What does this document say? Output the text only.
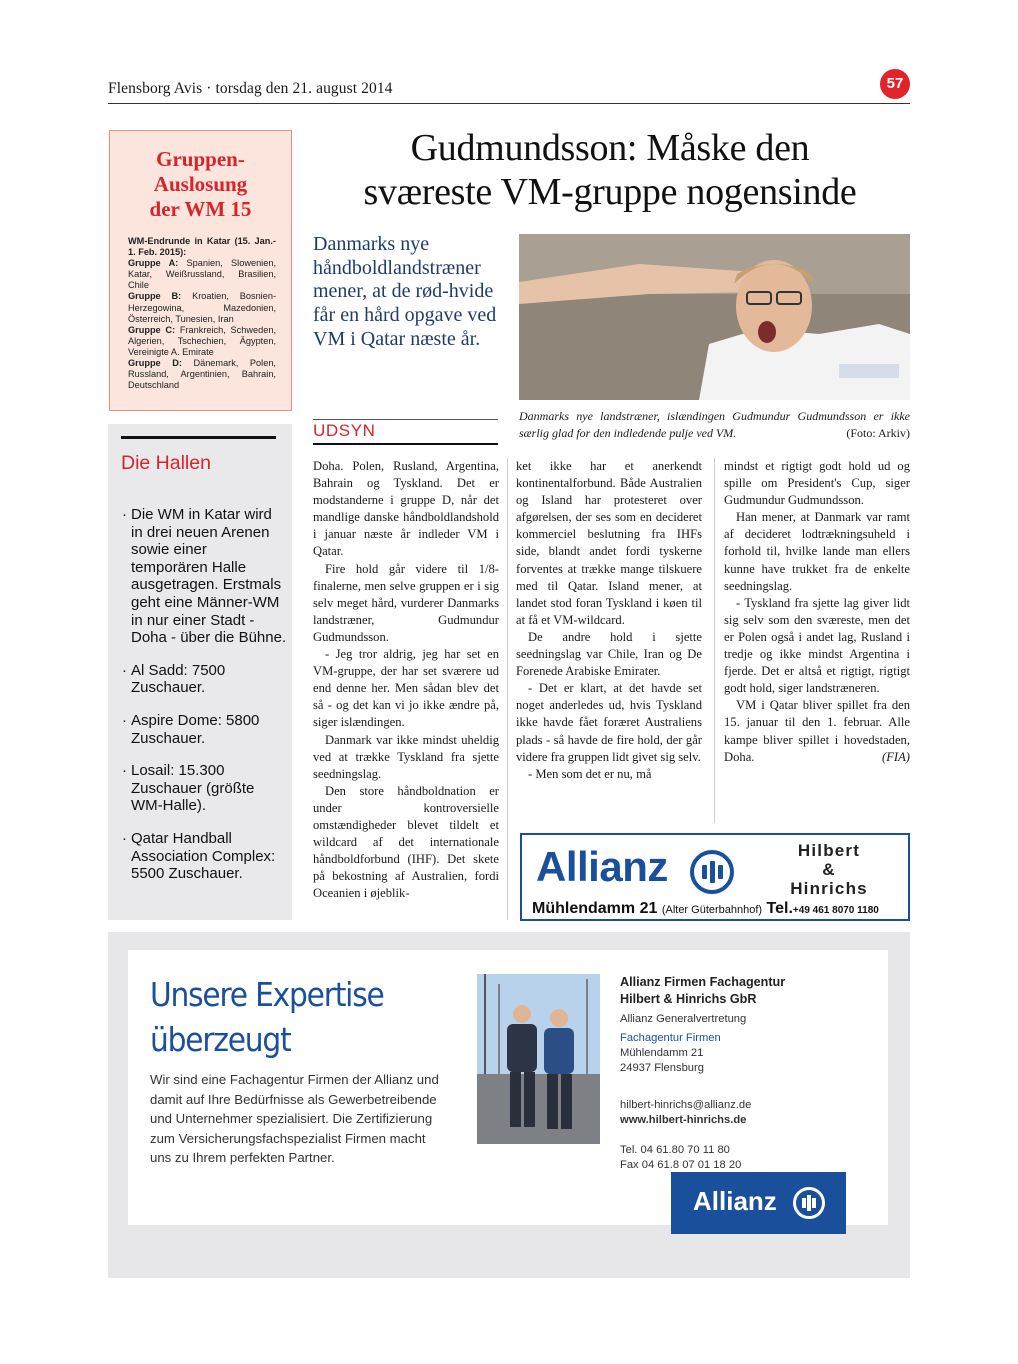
Flensborg Avis · torsdag den 21. august 2014	57
Gruppen-
Auslosung
der WM 15

WM-Endrunde in Katar (15. Jan.- 1. Feb. 2015):

Gruppe A: Spanien, Slowenien, Katar, Weißrussland, Brasilien, Chile

Gruppe B: Kroatien, Bosnien-Herzegowina, Mazedonien, Österreich, Tunesien, Iran

Gruppe C: Frankreich, Schweden, Algerien, Tschechien, Ägypten, Vereinigte A. Emirate

Gruppe D: Dänemark, Polen, Russland, Argentinien, Bahrain, Deutschland

Die Hallen
· Die WM in Katar wird in drei neuen Arenen sowie einer temporären Halle ausgetragen. Erstmals geht eine Männer-WM in nur einer Stadt - Doha - über die Bühne.
· Al Sadd: 7500 Zuschauer.
· Aspire Dome: 5800 Zuschauer.
· Losail: 15.300 Zuschauer (größte WM-Halle).
· Qatar Handball Association Complex: 5500 Zuschauer.
Gudmundsson: Måske den
sværeste VM-gruppe nogensinde
Danmarks nye håndboldlandstræner mener, at de rød-hvide får en hård opgave ved VM i Qatar næste år.
Danmarks nye landstræner, islændingen Gudmundur Gudmundsson er ikke særlig glad for den indledende pulje ved VM.	(Foto: Arkiv)
UDSYN

Doha. Polen, Rusland, Argentina, Bahrain og Tyskland. Det er modstanderne i gruppe D, når det mandlige danske håndboldlandshold i januar næste år indleder VM i Qatar.

Fire hold går videre til 1/8-finalerne, men selve gruppen er i sig selv meget hård, vurderer Danmarks landstræner, Gudmundur Gudmundsson.

- Jeg tror aldrig, jeg har set en VM-gruppe, der har set sværere ud end denne her. Men sådan blev det så - og det kan vi jo ikke ændre på, siger islændingen.

Danmark var ikke mindst uheldig ved at trække Tyskland fra sjette seedningslag.

Den store håndboldnation er under kontroversielle omstændigheder blevet tildelt et wildcard af det internationale håndboldforbund (IHF). Det skete på bekostning af Australien, fordi Oceanien i øjeblik-

ket ikke har et anerkendt kontinentalforbund. Både Australien og Island har protesteret over afgørelsen, der ses som en decideret kommerciel beslutning fra IHFs side, blandt andet fordi tyskerne forventes at trække mange tilskuere med til Qatar. Island mener, at landet stod foran Tyskland i køen til at få et VM-wildcard.

De andre hold i sjette seedningslag var Chile, Iran og De Forenede Arabiske Emirater.

- Det er klart, at det havde set noget anderledes ud, hvis Tyskland ikke havde fået foræret Australiens plads - så havde de fire hold, der går videre fra gruppen lidt givet sig selv.

- Men som det er nu, må

mindst et rigtigt godt hold ud og spille om President's Cup, siger Gudmundur Gudmundsson.

Han mener, at Danmark var ramt af decideret lodtrækningsuheld i forhold til, hvilke lande man ellers kunne have trukket fra de enkelte seedningslag.

- Tyskland fra sjette lag giver lidt sig selv som den sværeste, men det er Polen også i andet lag, Rusland i tredje og ikke mindst Argentina i fjerde. Det er altså et rigtigt, rigtigt godt hold, siger landstræneren.

VM i Qatar bliver spillet fra den 15. januar til den 1. februar. Alle kampe bliver spillet i hovedstaden, Doha.	(FIA)

Allianz	Hilbert
&
Hinrichs
Mühlendamm 21 (Alter Güterbahnhof) Tel.+49 461 8070 1180
Unsere Expertise
überzeugt
Wir sind eine Fachagentur Firmen der Allianz und damit auf Ihre Bedürfnisse als Gewerbetreibende und Unternehmer spezialisiert. Die Zertifizierung zum Versicherungsfachspezialist Firmen macht uns zu Ihrem perfekten Partner.
Allianz Firmen Fachagentur
Hilbert & Hinrichs GbR
Allianz Generalvertretung
Fachagentur Firmen
Mühlendamm 21
24937 Flensburg
hilbert-hinrichs@allianz.de
www.hilbert-hinrichs.de
Tel. 04 61.80 70 11 80
Fax 04 61.8 07 01 18 20
Allianz
